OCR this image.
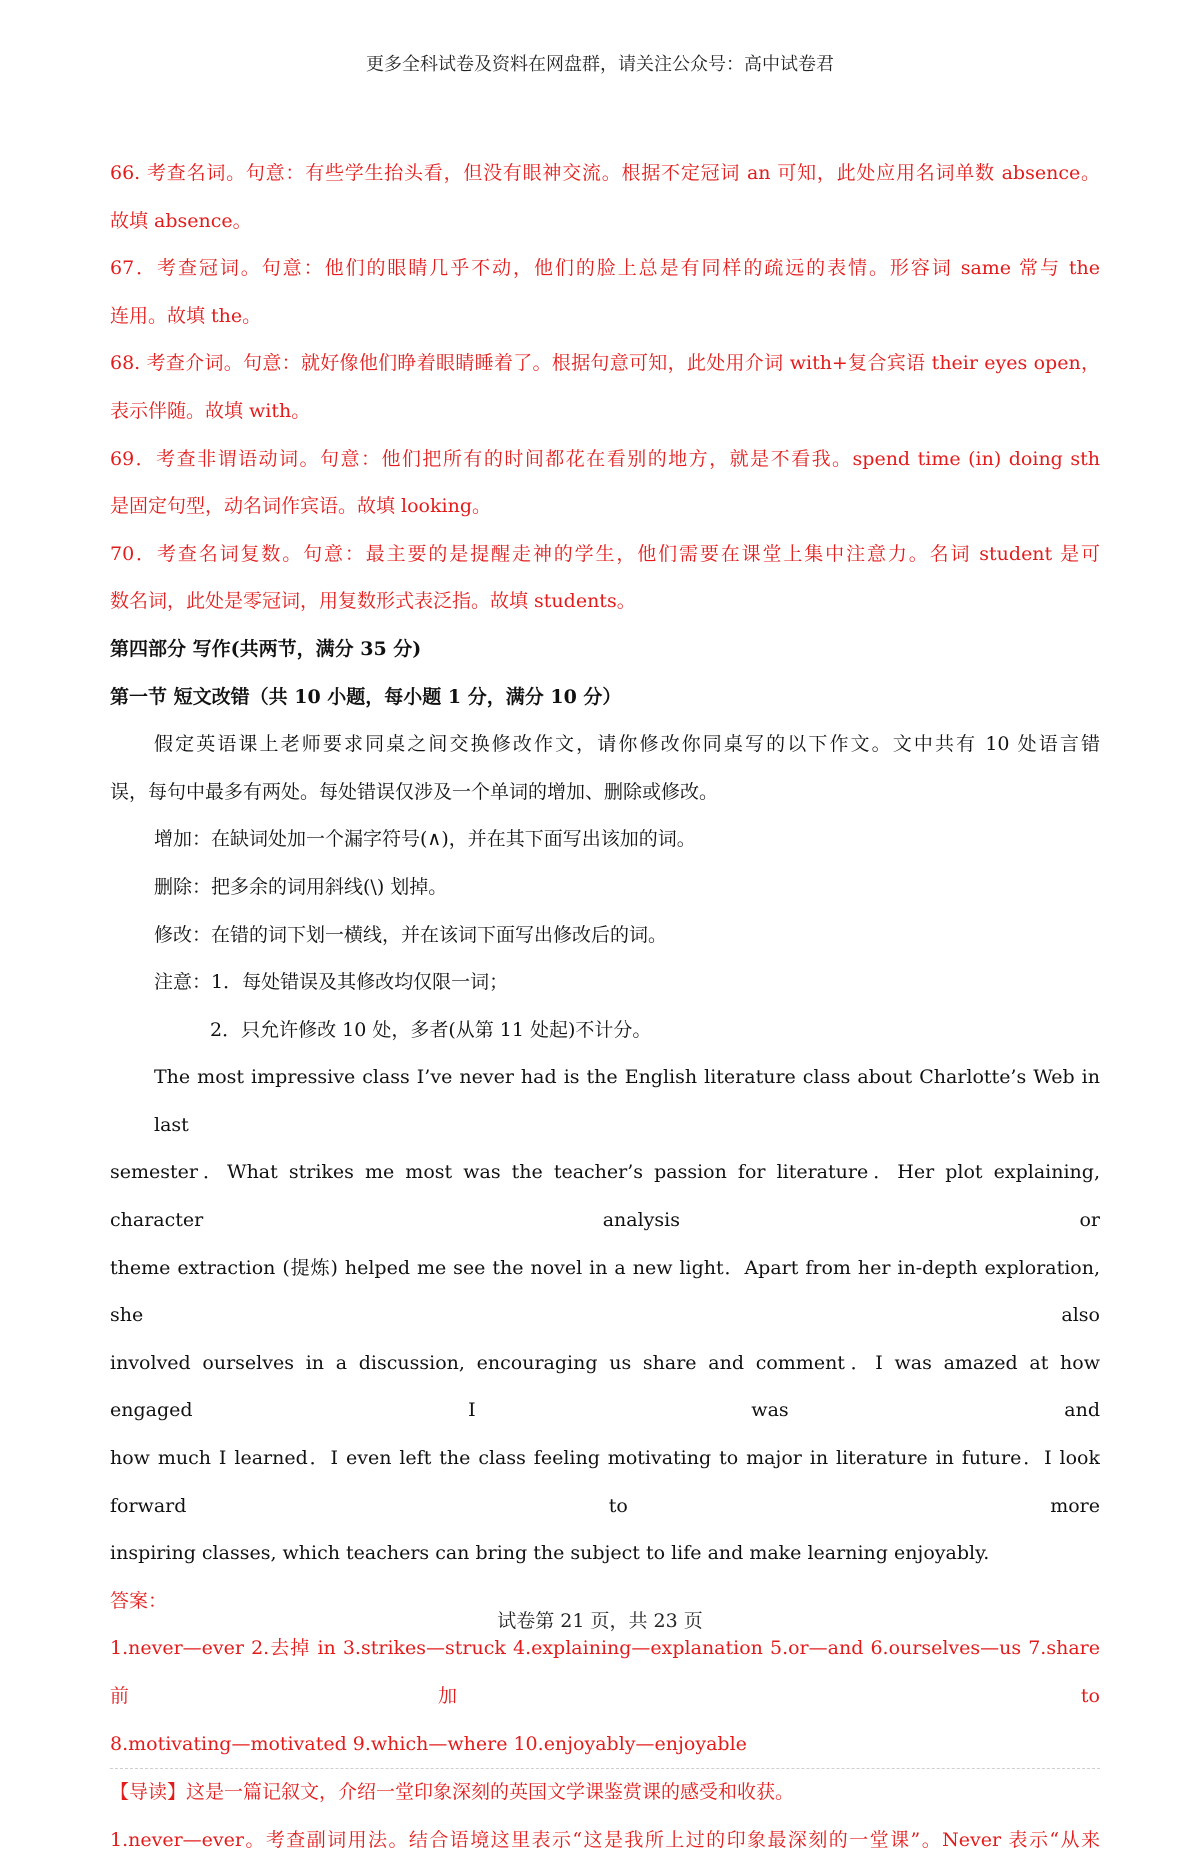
更多全科试卷及资料在网盘群，请关注公众号：高中试卷君
66. 考查名词。句意：有些学生抬头看，但没有眼神交流。根据不定冠词 an 可知，此处应用名词单数 absence。
故填 absence。
67．考查冠词。句意：他们的眼睛几乎不动，他们的脸上总是有同样的疏远的表情。形容词 same 常与 the
连用。故填 the。
68. 考查介词。句意：就好像他们睁着眼睛睡着了。根据句意可知，此处用介词 with+复合宾语 their eyes open，
表示伴随。故填 with。
69．考查非谓语动词。句意：他们把所有的时间都花在看别的地方，就是不看我。spend time (in) doing sth
是固定句型，动名词作宾语。故填 looking。
70．考查名词复数。句意：最主要的是提醒走神的学生，他们需要在课堂上集中注意力。名词 student 是可
数名词，此处是零冠词，用复数形式表泛指。故填 students。
第四部分 写作(共两节，满分 35 分)
第一节 短文改错（共 10 小题，每小题 1 分，满分 10 分）
假定英语课上老师要求同桌之间交换修改作文，请你修改你同桌写的以下作文。文中共有 10 处语言错
误，每句中最多有两处。每处错误仅涉及一个单词的增加、删除或修改。
增加：在缺词处加一个漏字符号(∧)，并在其下面写出该加的词。
删除：把多余的词用斜线(\) 划掉。
修改：在错的词下划一横线，并在该词下面写出修改后的词。
注意：1．每处错误及其修改均仅限一词；
2．只允许修改 10 处，多者(从第 11 处起)不计分。
The most impressive class I’ve never had is the English literature class about Charlotte’s Web in last
semester．What strikes me most was the teacher’s passion for literature．Her plot explaining, character analysis or
theme extraction (提炼) helped me see the novel in a new light．Apart from her in-depth exploration, she also
involved ourselves in a discussion, encouraging us share and comment．I was amazed at how engaged I was and
how much I learned．I even left the class feeling motivating to major in literature in future．I look forward to more
inspiring classes, which teachers can bring the subject to life and make learning enjoyably.
答案：
1.never—ever 2.去掉 in 3.strikes—struck 4.explaining—explanation 5.or—and 6.ourselves—us 7.share 前加 to
8.motivating—motivated 9.which—where 10.enjoyably—enjoyable
【导读】这是一篇记叙文，介绍一堂印象深刻的英国文学课鉴赏课的感受和收获。
1.never—ever。考查副词用法。结合语境这里表示“这是我所上过的印象最深刻的一堂课”。Never 表示“从来
试卷第 21 页，共 23 页
